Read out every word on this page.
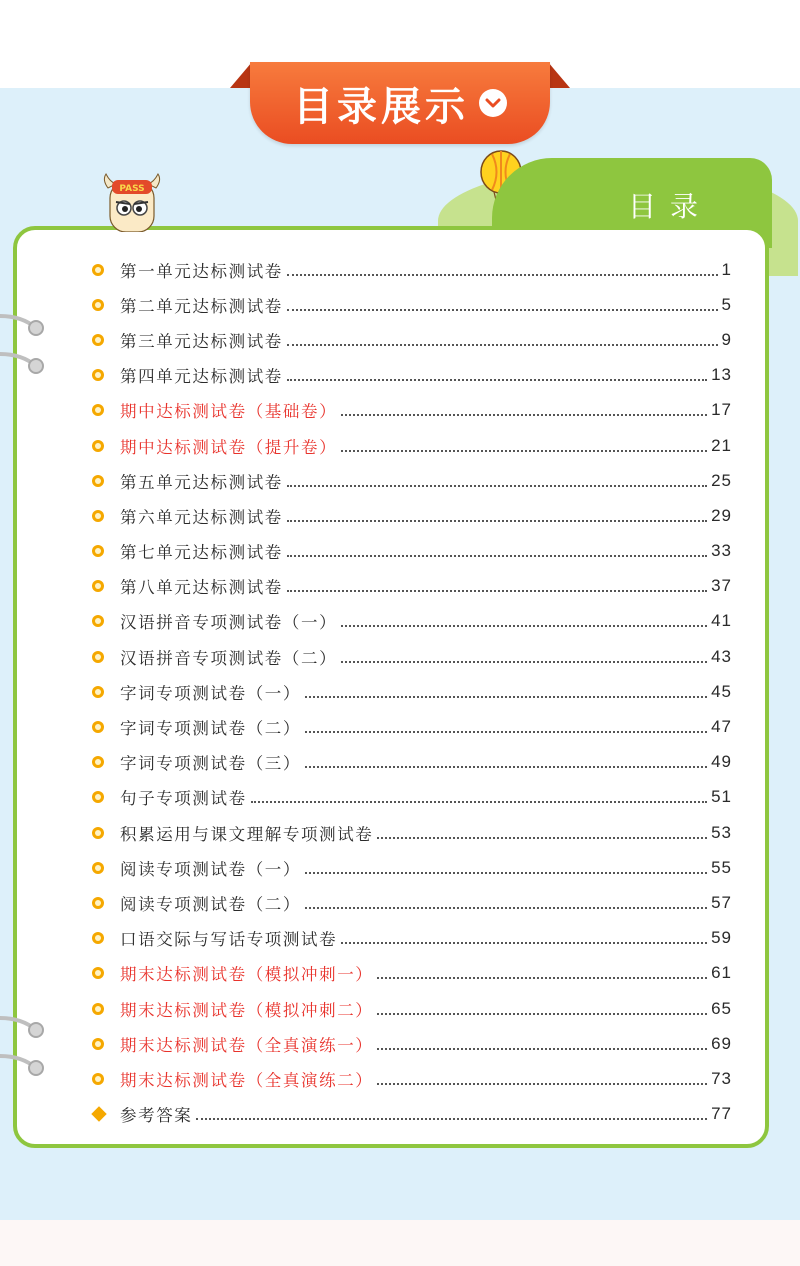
目录展示
目录
PASS
第一单元达标测试卷	1
第二单元达标测试卷	5
第三单元达标测试卷	9
第四单元达标测试卷	13
期中达标测试卷（基础卷）	17
期中达标测试卷（提升卷）	21
第五单元达标测试卷	25
第六单元达标测试卷	29
第七单元达标测试卷	33
第八单元达标测试卷	37
汉语拼音专项测试卷（一）	41
汉语拼音专项测试卷（二）	43
字词专项测试卷（一）	45
字词专项测试卷（二）	47
字词专项测试卷（三）	49
句子专项测试卷	51
积累运用与课文理解专项测试卷	53
阅读专项测试卷（一）	55
阅读专项测试卷（二）	57
口语交际与写话专项测试卷	59
期末达标测试卷（模拟冲刺一）	61
期末达标测试卷（模拟冲刺二）	65
期末达标测试卷（全真演练一）	69
期末达标测试卷（全真演练二）	73
参考答案	77
